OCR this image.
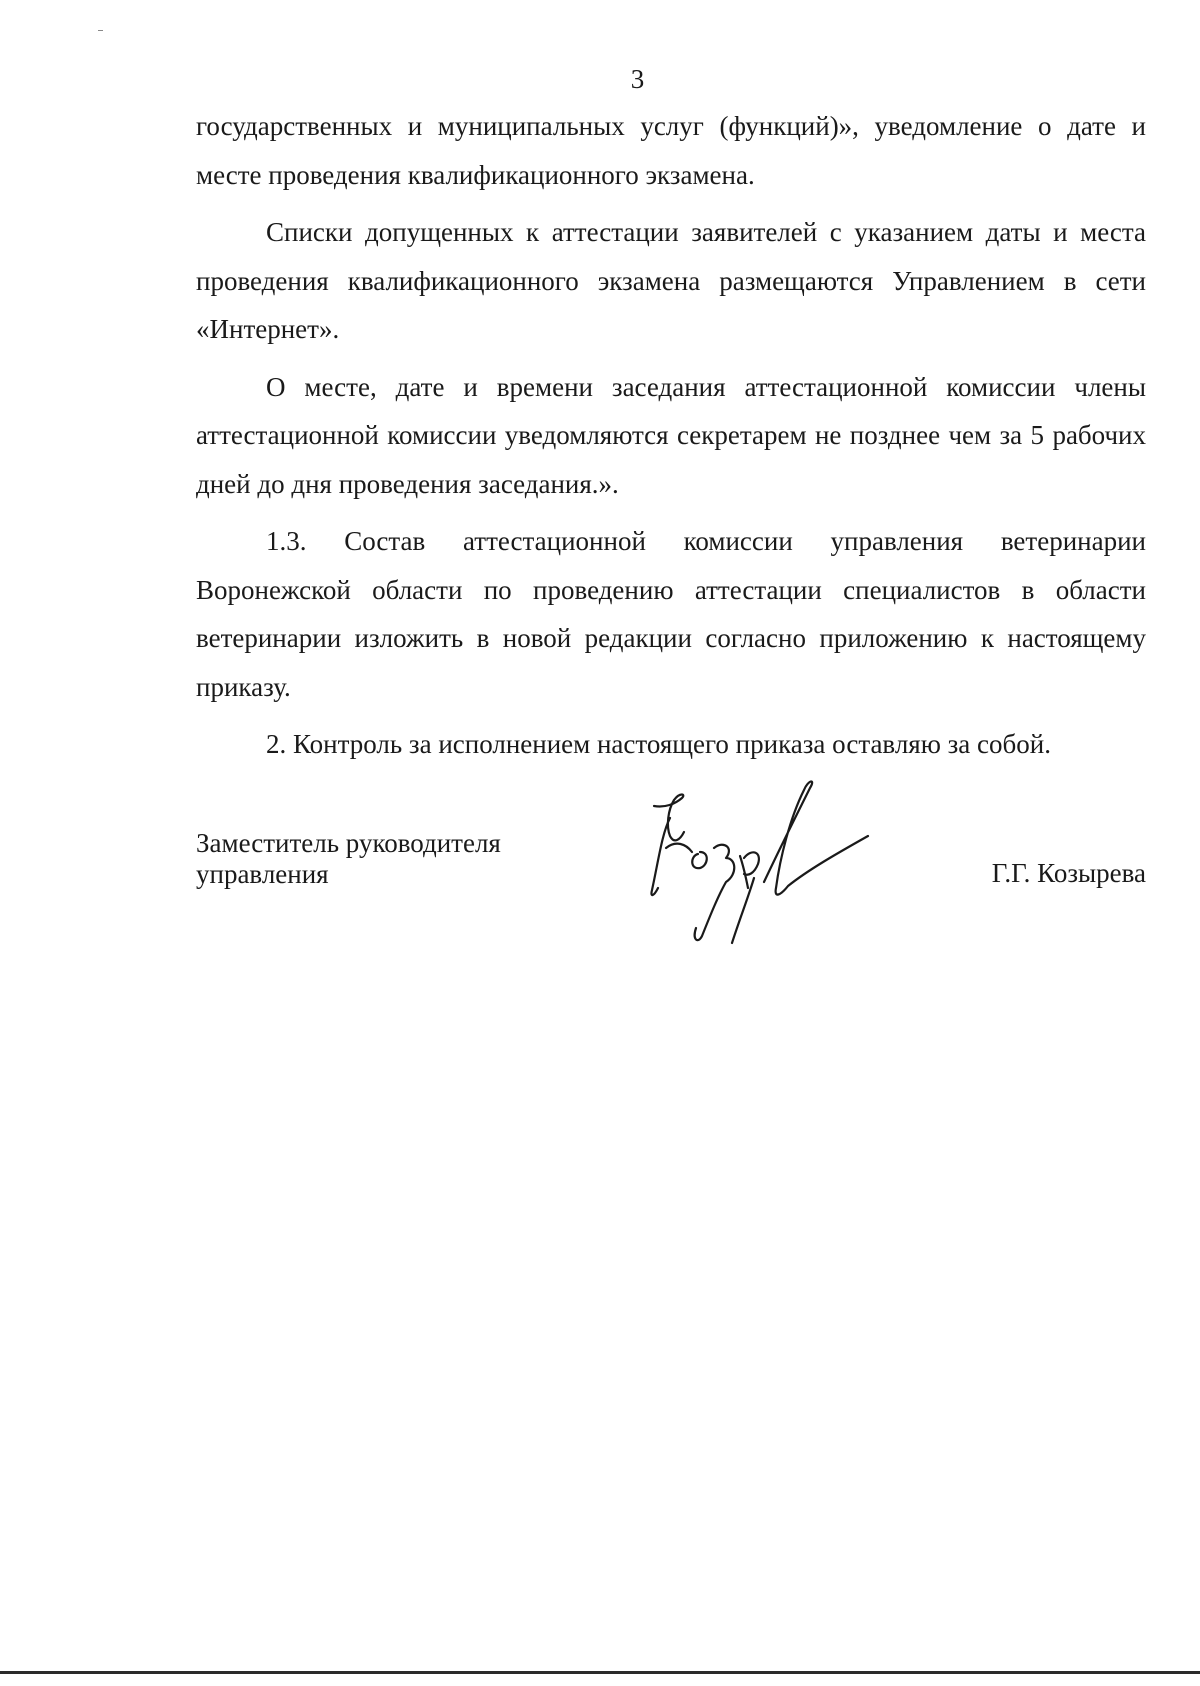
3

государственных и муниципальных услуг (функций)», уведомление о дате и

месте проведения квалификационного экзамена.

Списки допущенных к аттестации заявителей с указанием даты и места проведения квалификационного экзамена размещаются Управлением в сети «Интернет».

О месте, дате и времени заседания аттестационной комиссии члены аттестационной комиссии уведомляются секретарем не позднее чем за 5 рабочих дней до дня проведения заседания.».

1.3. Состав аттестационной комиссии управления ветеринарии Воронежской области по проведению аттестации специалистов в области ветеринарии изложить в новой редакции согласно приложению к настоящему приказу.

2. Контроль за исполнением настоящего приказа оставляю за собой.

Заместитель руководителя
управления	Г.Г. Козырева
